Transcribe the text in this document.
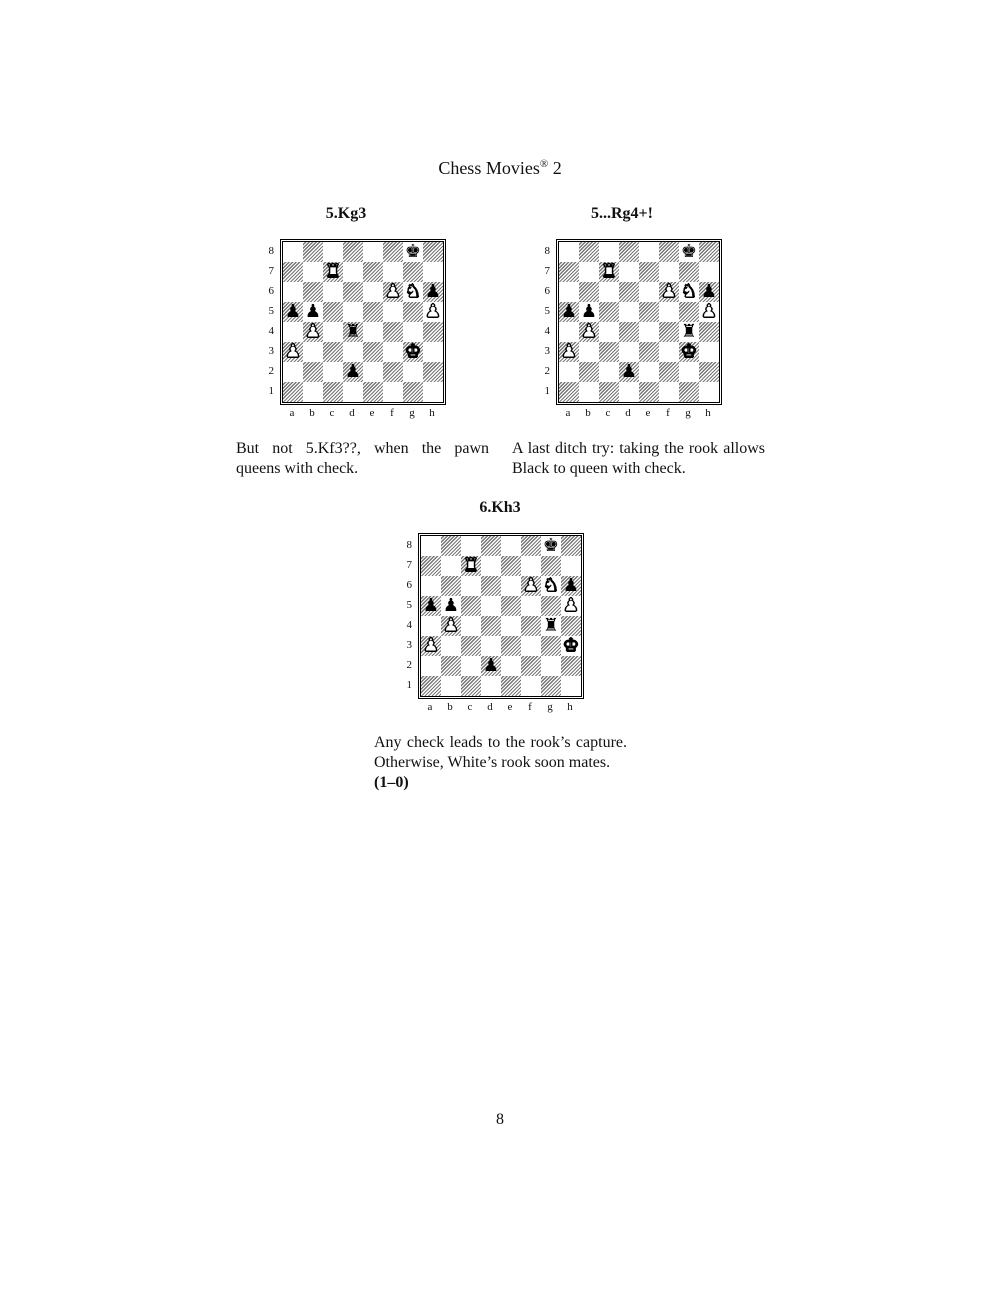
Chess Movies® 2
5.Kg3
8
7
6
5
4
3
2
1
♚
♜
♟ ♞ ♟
♟ ♟	♟
♟ ♜
♟	♚
♟
a	b	c	d	e	f	g	h
But not 5.Kf3??, when the pawn queens with check.
5...Rg4+!
8
7
6
5
4
3
2
1
♚
♜
♟ ♞ ♟
♟ ♟	♟
♟	♜
♟	♚
♟
a	b	c	d	e	f	g	h
A last ditch try: taking the rook allows Black to queen with check.
6.Kh3
8
7
6
5
4
3
2
1
♚
♜
♟ ♞ ♟
♟ ♟	♟
♟	♜
♟	♚
♟
a	b	c	d	e	f	g	h
Any check leads to the rook’s capture. Otherwise, White’s rook soon mates.
(1–0)
8
